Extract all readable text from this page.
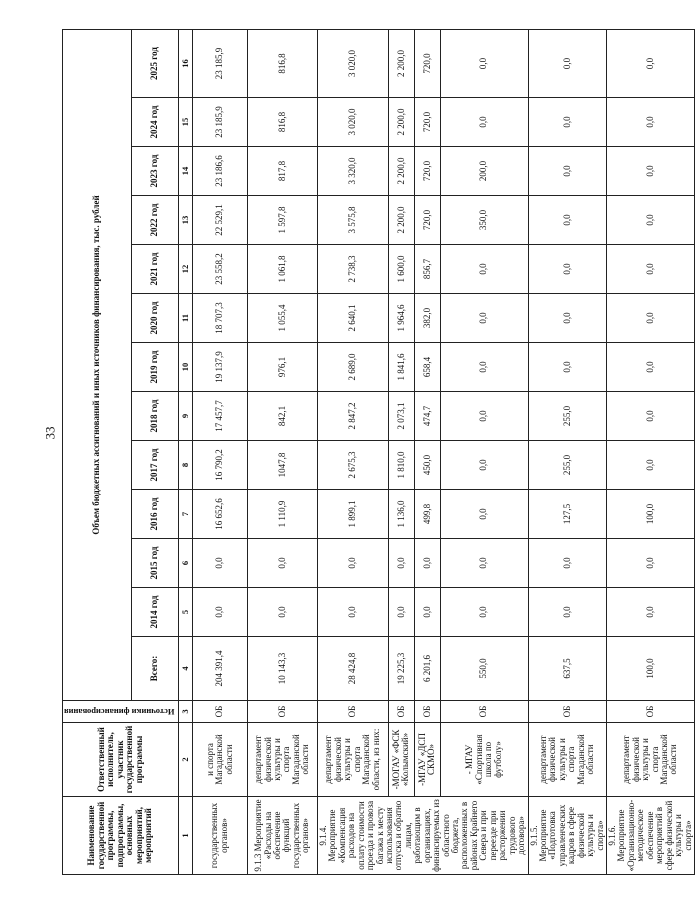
33
Наименование государственной программы, подпрограммы, основных мероприятий, мероприятий	Ответственный исполнитель, участник государственной программы	Источники финансирования	Объем бюджетных ассигнований и иных источников финансирования, тыс. рублей												
			Всего:	2014 год	2015 год	2016 год	2017 год	2018 год	2019 год	2020 год	2021 год	2022 год	2023 год	2024 год	2025 год
1	2	3	4	5	6	7	8	9	10	11	12	13	14	15	16
государственных органов»	и спорта Магаданской области	ОБ	204 391,4	0,0	0,0	16 652,6	16 790,2	17 457,7	19 137,9	18 707,3	23 558,2	22 529,1	23 186,6	23 185,9	23 185,9
9.1.3 Мероприятие «Расходы на обеспечение функций государственных органов»	департамент физической культуры и спорта Магаданской области	ОБ	10 143,3	0,0	0,0	1 110,9	1047,8	842,1	976,1	1 055,4	1 061,8	1 597,8	817,8	816,8	816,8
9.1.4. Мероприятие «Компенсация расходов на оплату стоимости проезда и провоза багажа к месту использования отпуска и обратно лицам, работающим в организациях, финансируемых из областного бюджета, расположенных в районах Крайнего Севера и при переезде при расторжении трудового договора»	департамент физической культуры и спорта Магаданской области, из них:	ОБ	28 424,8	0,0	0,0	1 899,1	2 675,3	2 847,2	2 689,0	2 640,1	2 738,3	3 575,8	3 320,0	3 020,0	3 020,0
	-МОГАУ «ФСК «Колымский»	ОБ	19 225,3	0,0	0,0	1 136,0	1 810,0	2 073,1	1 841,6	1 964,6	1 600,0	2 200,0	2 200,0	2 200,0	2 200,0
	-МГАУ «ДСП СКМО»	ОБ	6 201,6	0,0	0,0	499,8	450,0	474,7	658,4	382,0	856,7	720,0	720,0	720,0	720,0
	- МГАУ «Спортивная школа по футболу»	ОБ	550,0	0,0	0,0	0,0	0,0	0,0	0,0	0,0	0,0	350,0	200,0	0,0	0,0
9.1.5. Мероприятие «Подготовка управленческих кадров в сфере физической культуры и спорта»	департамент физической культуры и спорта Магаданской области	ОБ	637,5	0,0	0,0	127,5	255,0	255,0	0,0	0,0	0,0	0,0	0,0	0,0	0,0
9.1.6. Мероприятие «Организационно-методическое обеспечение мероприятий в сфере физической культуры и спорта»	департамент физической культуры и спорта Магаданской области	ОБ	100,0	0,0	0,0	100,0	0,0	0,0	0,0	0,0	0,0	0,0	0,0	0,0	0,0
